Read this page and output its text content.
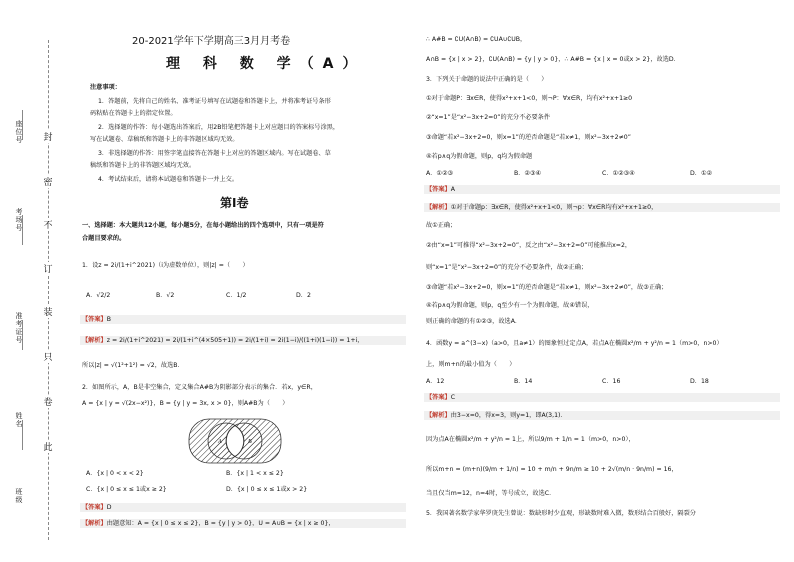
座位号
考场号
准考证号
姓名
班级
封
密
不
订
装
只
卷
此
20-2021学年下学期高三3月月考卷
理 科 数 学（A）
注意事项：
1．答题前，先将自己的姓名、准考证号填写在试题卷和答题卡上，并将准考证号条形
码粘贴在答题卡上的指定位置。
2．选择题的作答：每小题选出答案后，用2B铅笔把答题卡上对应题目的答案标号涂黑，
写在试题卷、草稿纸和答题卡上的非答题区域均无效。
3．非选择题的作答：用签字笔直接答在答题卡上对应的答题区域内。写在试题卷、草
稿纸和答题卡上的非答题区域均无效。
4．考试结束后，请将本试题卷和答题卡一并上交。
第Ⅰ卷
一、选择题：本大题共12小题，每小题5分，在每小题给出的四个选项中，只有一项是符
合题目要求的。
1．设z = 2i/(1+i^2021)（i为虚数单位），则|z| =（　　）
A．√2/2	B．√2	C．1/2	D．2
【答案】B
【解析】z = 2i/(1+i^2021) = 2i/(1+i^(4×505+1)) = 2i/(1+i) = 2i(1−i)/((1+i)(1−i)) = 1+i，
所以|z| = √(1²+1²) = √2，故选B．
2．如图所示，A，B是非空集合，定义集合A#B为阴影部分表示的集合．若x，y∈R，
A = {x | y = √(2x−x²)}，B = {y | y = 3x, x > 0}，则A#B为（　　）
A	B
A．{x | 0 < x < 2}	B．{x | 1 < x ≤ 2}
C．{x | 0 ≤ x ≤ 1或x ≥ 2}	D．{x | 0 ≤ x ≤ 1或x > 2}
【答案】D
【解析】由题意知：A = {x | 0 ≤ x ≤ 2}，B = {y | y > 0}，U = A∪B = {x | x ≥ 0}，
∴ A#B = ∁U(A∩B) = ∁UA∪∁UB，
A∩B = {x | x > 2}，∁U(A∩B) = {y | y > 0}，∴ A#B = {x | x = 0或x > 2}，故选D．
3．下列关于命题的说法中正确的是（　　）
①对于命题P：∃x∈R，使得x²+x+1<0，则¬P：∀x∈R，均有x²+x+1≥0
②“x=1”是“x²−3x+2=0”的充分不必要条件
③命题“若x²−3x+2=0，则x=1”的逆否命题是“若x≠1，则x²−3x+2≠0”
④若p∧q为假命题，则p，q均为假命题
A．①②③	B．②③④	C．①②③④	D．①②
【答案】A
【解析】①对于命题p：∃x∈R，使得x²+x+1<0，则¬p：∀x∈R均有x²+x+1≥0，
故①正确；
②由“x=1”可推得“x²−3x+2=0”，反之由“x²−3x+2=0”可能推出x=2，
则“x=1”是“x²−3x+2=0”的充分不必要条件，故②正确；
③命题“若x²−3x+2=0，则x=1”的逆否命题是“若x≠1，则x²−3x+2≠0”，故③正确；
④若p∧q为假命题，则p，q至少有一个为假命题，故④错误，
则正确的命题的有①②③，故选A．
4．函数y = a^(3−x)（a>0，且a≠1）的图象恒过定点A，若点A在椭圆x²/m + y²/n = 1（m>0，n>0）
上，则m+n的最小值为（　　）
A．12	B．14	C．16	D．18
【答案】C
【解析】由3−x=0，得x=3，则y=1，即A(3,1)．
因为点A在椭圆x²/m + y²/n = 1上，所以9/m + 1/n = 1（m>0，n>0），
所以m+n = (m+n)(9/m + 1/n) = 10 + m/n + 9n/m ≥ 10 + 2√(m/n · 9n/m) = 16，
当且仅当m=12，n=4时，等号成立，故选C．
5．我国著名数学家华罗庚先生曾说：数缺形时少直观，形缺数时难入微，数形结合百般好，隔裂分
